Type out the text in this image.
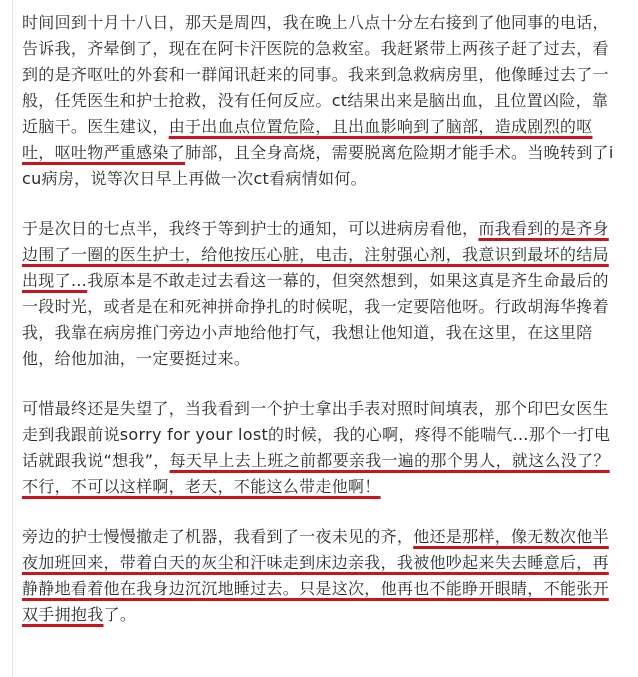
时间回到十月十八日，那天是周四，我在晚上八点十分左右接到了他同事的电话，告诉我，齐晕倒了，现在在阿卡汗医院的急救室。我赶紧带上两孩子赶了过去，看到的是齐呕吐的外套和一群闻讯赶来的同事。我来到急救病房里，他像睡过去了一般，任凭医生和护士抢救，没有任何反应。ct结果出来是脑出血，且位置凶险，靠近脑干。医生建议，由于出血点位置危险，且出血影响到了脑部，造成剧烈的呕吐，呕吐物严重感染了肺部，且全身高烧，需要脱离危险期才能手术。当晚转到了icu病房，说等次日早上再做一次ct看病情如何。

于是次日的七点半，我终于等到护士的通知，可以进病房看他，而我看到的是齐身边围了一圈的医生护士，给他按压心脏，电击，注射强心剂，我意识到最坏的结局出现了…我原本是不敢走过去看这一幕的，但突然想到，如果这真是齐生命最后的一段时光，或者是在和死神拼命挣扎的时候呢，我一定要陪他呀。行政胡海华搀着我，我靠在病房推门旁边小声地给他打气，我想让他知道，我在这里，在这里陪他，给他加油，一定要挺过来。

可惜最终还是失望了，当我看到一个护士拿出手表对照时间填表，那个印巴女医生走到我跟前说sorry for your lost的时候，我的心啊，疼得不能喘气…那个一打电话就跟我说“想我”，每天早上去上班之前都要亲我一遍的那个男人，就这么没了？不行，不可以这样啊，老天，不能这么带走他啊！

旁边的护士慢慢撤走了机器，我看到了一夜未见的齐，他还是那样，像无数次他半夜加班回来，带着白天的灰尘和汗味走到床边亲我，我被他吵起来失去睡意后，再静静地看着他在我身边沉沉地睡过去。只是这次，他再也不能睁开眼睛，不能张开双手拥抱我了。
